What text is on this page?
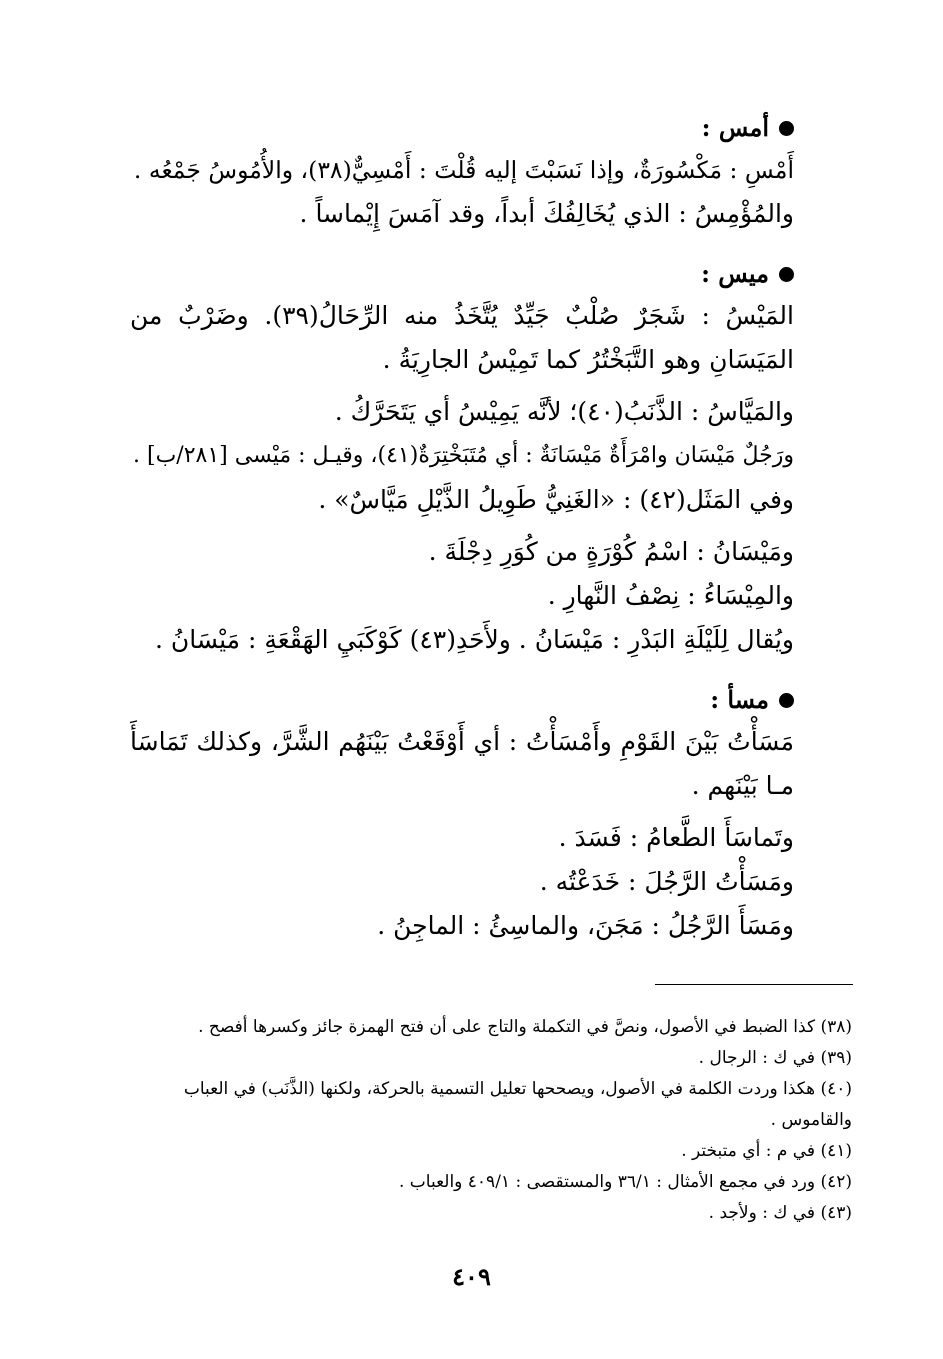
أمس :
أَمْسِ : مَكْسُورَةٌ، وإذا نَسَبْتَ إليه قُلْتَ : أَمْسِيٌّ(٣٨)، والأُمُوسُ جَمْعُه .
والمُؤْمِسُ : الذي يُخَالِفُكَ أبداً، وقد آمَسَ إِيْماساً .
ميس :
المَيْسُ : شَجَرٌ صُلْبٌ جَيِّدٌ يُتَّخَذُ منه الرِّحَالُ(٣٩). وضَرْبٌ من المَيَسَانِ وهو التَّبَخْتُرُ كما تَمِيْسُ الجارِيَةُ .
والمَيَّاسُ : الذَّنَبُ(٤٠)؛ لأنَّه يَمِيْسُ أي يَتَحَرَّكُ .
ورَجُلٌ مَيْسَان وامْرَأَةٌ مَيْسَانَةٌ : أي مُتَبَخْتِرَةٌ(٤١)، وقيـل : مَيْسى [٢٨١/ب] .
وفي المَثَل(٤٢) : «الغَنِيُّ طَوِيلُ الذَّيْلِ مَيَّاسٌ» .
ومَيْسَانُ : اسْمُ كُوْرَةٍ من كُوَرِ دِجْلَةَ .
والمِيْسَاءُ : نِصْفُ النَّهارِ .
ويُقال لِلَيْلَةِ البَدْرِ : مَيْسَانُ . ولأَحَدِ(٤٣) كَوْكَبَيِ الهَقْعَةِ : مَيْسَانُ .
مسأ :
مَسَأْتُ بَيْنَ القَوْمِ وأَمْسَأْتُ : أي أَوْقَعْتُ بَيْنَهُم الشَّرَّ، وكذلك تَمَاسَأَ مـا بَيْنَهم .
وتَماسَأَ الطَّعامُ : فَسَدَ .
ومَسَأْتُ الرَّجُلَ : خَدَعْتُه .
ومَسَأَ الرَّجُلُ : مَجَنَ، والماسِئُ : الماجِنُ .

(٣٨) كذا الضبط في الأصول، ونصَّ في التكملة والتاج على أن فتح الهمزة جائز وكسرها أفصح .

(٣٩) في ك : الرجال .

(٤٠) هكذا وردت الكلمة في الأصول، ويصححها تعليل التسمية بالحركة، ولكنها (الذَّنَب) في العباب والقاموس .

(٤١) في م : أي متبختر .

(٤٢) ورد في مجمع الأمثال : ٣٦/١ والمستقصى : ٤٠٩/١ والعباب .

(٤٣) في ك : ولأجد .

٤٠٩
